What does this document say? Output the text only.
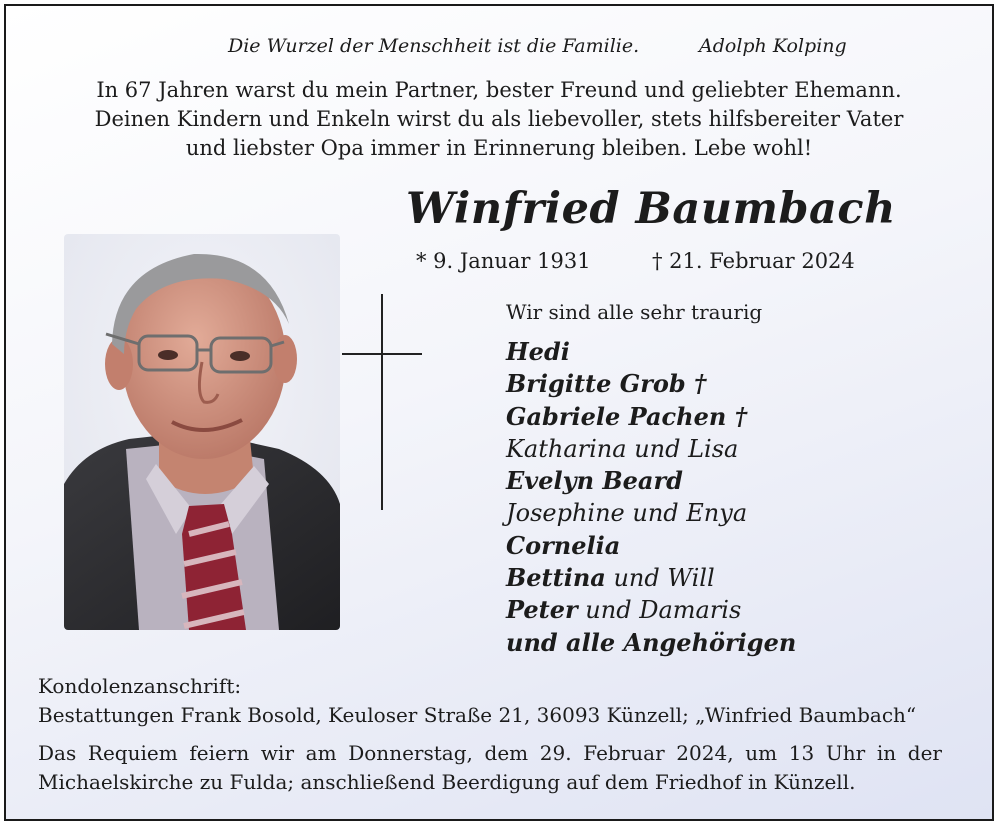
Die Wurzel der Menschheit ist die Familie.	Adolph Kolping
In 67 Jahren warst du mein Partner, bester Freund und geliebter Ehemann.
Deinen Kindern und Enkeln wirst du als liebevoller, stets hilfsbereiter Vater
und liebster Opa immer in Erinnerung bleiben. Lebe wohl!
Winfried Baumbach
* 9. Januar 1931	† 21. Februar 2024
Wir sind alle sehr traurig
Hedi
Brigitte Grob †
Gabriele Pachen †
Katharina und Lisa
Evelyn Beard
Josephine und Enya
Cornelia
Bettina und Will
Peter und Damaris
und alle Angehörigen
Kondolenzanschrift:
Bestattungen Frank Bosold, Keuloser Straße 21, 36093 Künzell; „Winfried Baumbach“
Das Requiem feiern wir am Donnerstag, dem 29. Februar 2024, um 13 Uhr in der Michaelskirche zu Fulda; anschließend Beerdigung auf dem Friedhof in Künzell.
